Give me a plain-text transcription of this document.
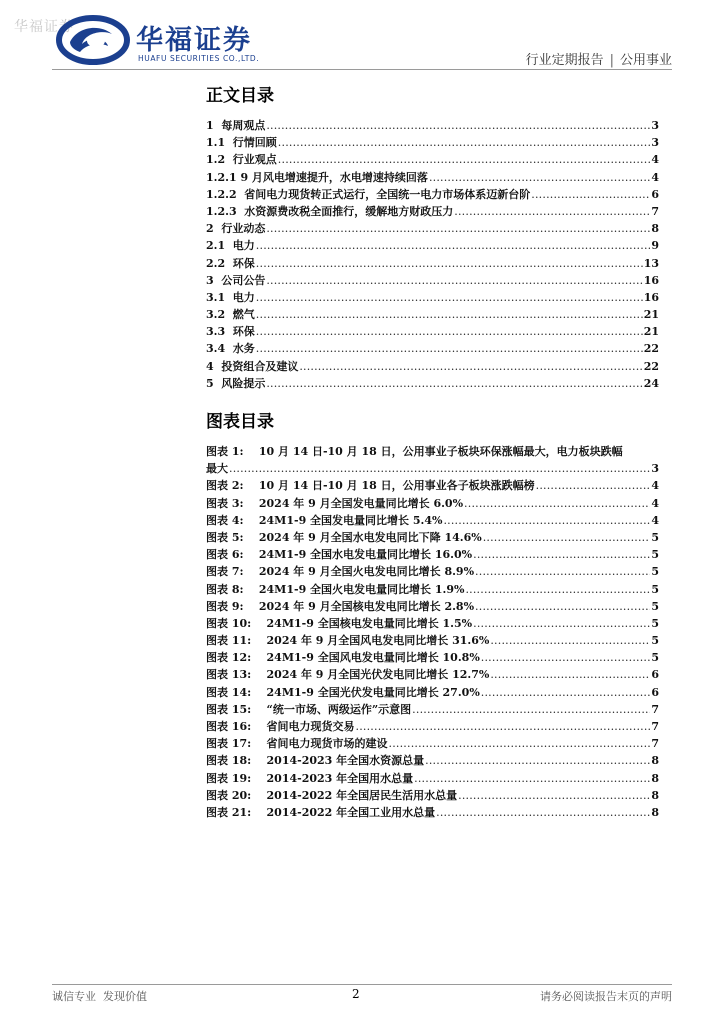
华福证券 华福证券
HUAFU SECURITIES CO.,LTD.	行业定期报告 | 公用事业
正文目录
1  每周观点 .....	3
1.1  行情回顾 .....	3
1.2  行业观点 .....	4
1.2.1 9 月风电增速提升，水电增速持续回落 .....	4
1.2.2  省间电力现货转正式运行，全国统一电力市场体系迈新台阶 .....	6
1.2.3  水资源费改税全面推行，缓解地方财政压力 .....	7
2  行业动态 .....	8
2.1  电力 .....	9
2.2  环保 .....	13
3  公司公告 .....	16
3.1  电力 .....	16
3.2  燃气 .....	21
3.3  环保 .....	21
3.4  水务 .....	22
4  投资组合及建议 .....	22
5  风险提示 .....	24
图表目录
图表 1:    10 月 14 日-10 月 18 日，公用事业子板块环保涨幅最大，电力板块跌幅
最大 .....	3
图表 2:    10 月 14 日-10 月 18 日，公用事业各子板块涨跌幅榜 .....	4
图表 3:    2024 年 9 月全国发电量同比增长 6.0% .....	4
图表 4:    24M1-9 全国发电量同比增长 5.4% .....	4
图表 5:    2024 年 9 月全国水电发电同比下降 14.6% .....	5
图表 6:    24M1-9 全国水电发电量同比增长 16.0% .....	5
图表 7:    2024 年 9 月全国火电发电同比增长 8.9% .....	5
图表 8:    24M1-9 全国火电发电量同比增长 1.9% .....	5
图表 9:    2024 年 9 月全国核电发电同比增长 2.8% .....	5
图表 10:    24M1-9 全国核电发电量同比增长 1.5% .....	5
图表 11:    2024 年 9 月全国风电发电同比增长 31.6% .....	5
图表 12:    24M1-9 全国风电发电量同比增长 10.8% .....	5
图表 13:    2024 年 9 月全国光伏发电同比增长 12.7% .....	6
图表 14:    24M1-9 全国光伏发电量同比增长 27.0% .....	6
图表 15:    “统一市场、两级运作”示意图 .....	7
图表 16:    省间电力现货交易 .....	7
图表 17:    省间电力现货市场的建设 .....	7
图表 18:    2014-2023 年全国水资源总量 .....	8
图表 19:    2014-2023 年全国用水总量 .....	8
图表 20:    2014-2022 年全国居民生活用水总量 .....	8
图表 21:    2014-2022 年全国工业用水总量 .....	8
诚信专业  发现价值	2	请务必阅读报告末页的声明
